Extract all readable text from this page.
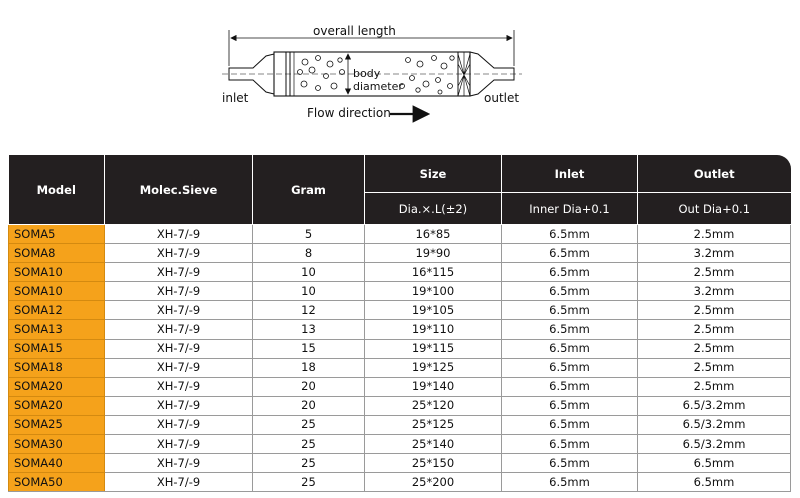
overall length
body
diameter
inlet	outlet
Flow direction
Model	Molec.Sieve	Gram	Size	Inlet	Outlet
			Dia.×.L(±2)	Inner Dia+0.1	Out Dia+0.1
SOMA5	XH-7/-9	5	16*85	6.5mm	2.5mm
SOMA8	XH-7/-9	8	19*90	6.5mm	3.2mm
SOMA10	XH-7/-9	10	16*115	6.5mm	2.5mm
SOMA10	XH-7/-9	10	19*100	6.5mm	3.2mm
SOMA12	XH-7/-9	12	19*105	6.5mm	2.5mm
SOMA13	XH-7/-9	13	19*110	6.5mm	2.5mm
SOMA15	XH-7/-9	15	19*115	6.5mm	2.5mm
SOMA18	XH-7/-9	18	19*125	6.5mm	2.5mm
SOMA20	XH-7/-9	20	19*140	6.5mm	2.5mm
SOMA20	XH-7/-9	20	25*120	6.5mm	6.5/3.2mm
SOMA25	XH-7/-9	25	25*125	6.5mm	6.5/3.2mm
SOMA30	XH-7/-9	25	25*140	6.5mm	6.5/3.2mm
SOMA40	XH-7/-9	25	25*150	6.5mm	6.5mm
SOMA50	XH-7/-9	25	25*200	6.5mm	6.5mm
